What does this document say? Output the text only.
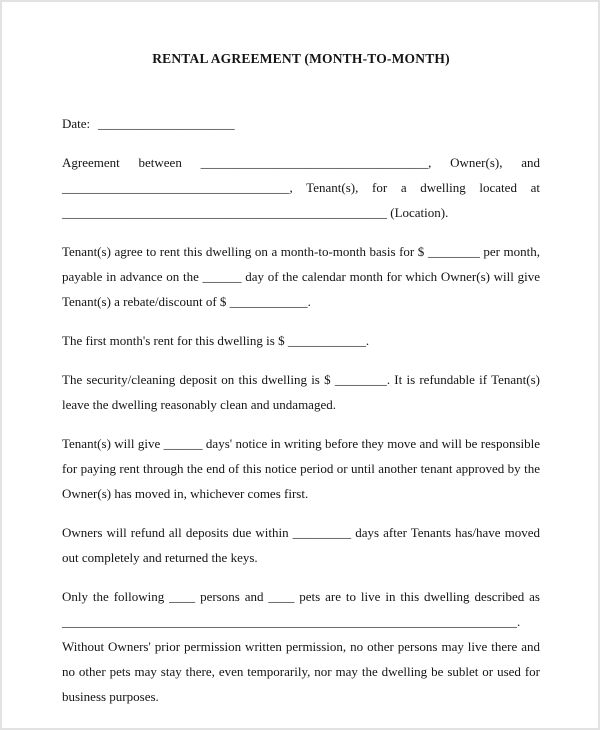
RENTAL AGREEMENT (MONTH-TO-MONTH)

Date: _____________________

Agreement between ___________________________________, Owner(s), and ___________________________________, Tenant(s), for a dwelling located at __________________________________________________ (Location).

Tenant(s) agree to rent this dwelling on a month-to-month basis for $ ________ per month, payable in advance on the ______ day of the calendar month for which Owner(s) will give Tenant(s) a rebate/discount of $ ____________.

The first month's rent for this dwelling is $ ____________.

The security/cleaning deposit on this dwelling is $ ________. It is refundable if Tenant(s) leave the dwelling reasonably clean and undamaged.

Tenant(s) will give ______ days' notice in writing before they move and will be responsible for paying rent through the end of this notice period or until another tenant approved by the Owner(s) has moved in, whichever comes first.

Owners will refund all deposits due within _________ days after Tenants has/have moved out completely and returned the keys.

Only the following ____ persons and ____ pets are to live in this dwelling described as ______________________________________________________________________.

Without Owners' prior permission written permission, no other persons may live there and no other pets may stay there, even temporarily, nor may the dwelling be sublet or used for business purposes.
